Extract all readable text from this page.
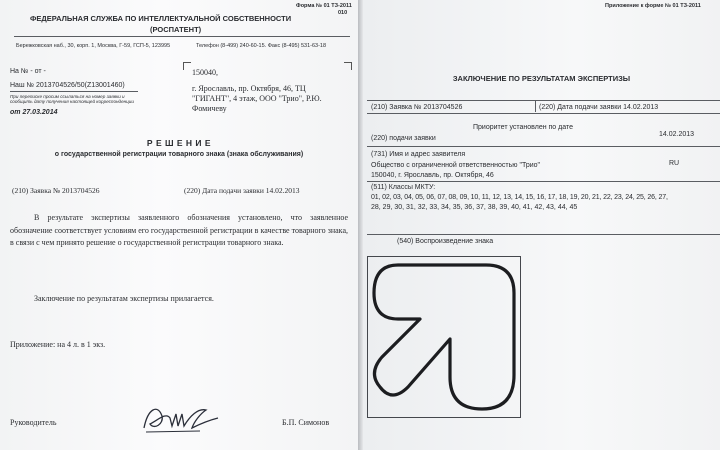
Форма № 01 ТЗ-2011
010
ФЕДЕРАЛЬНАЯ СЛУЖБА ПО ИНТЕЛЛЕКТУАЛЬНОЙ СОБСТВЕННОСТИ
(РОСПАТЕНТ)
Бережковская наб., 30, корп. 1, Москва, Г-59, ГСП-5, 123995	Телефон (8-499) 240-60-15. Факс (8-495) 531-63-18
На № - от -
Наш № 2013704526/50(Z13001460)
При переписке просим ссылаться на номер заявки и сообщить дату получения настоящей корреспонденции
от 27.03.2014
150040,
г. Ярославль, пр. Октября, 46, ТЦ
"ГИГАНТ", 4 этаж, ООО "Трио", Р.Ю.
Фомичеву
Р Е Ш Е Н И Е
о государственной регистрации товарного знака (знака обслуживания)
(210) Заявка № 2013704526	(220) Дата подачи заявки 14.02.2013
В результате экспертизы заявленного обозначения установлено, что заявленное обозначение соответствует условиям его государственной регистрации в качестве товарного знака, в связи с чем принято решение о государственной регистрации товарного знака.
Заключение по результатам экспертизы прилагается.
Приложение: на 4 л. в 1 экз.
Руководитель	Б.П. Симонов
Приложение к форме № 01 ТЗ-2011
ЗАКЛЮЧЕНИЕ ПО РЕЗУЛЬТАТАМ ЭКСПЕРТИЗЫ
(210) Заявка № 2013704526	(220) Дата подачи заявки 14.02.2013
Приоритет установлен по дате
(220) подачи заявки
14.02.2013
(731) Имя и адрес заявителя
Общество с ограниченной ответственностью "Трио"	RU
150040, г. Ярославль, пр. Октября, 46
(511) Классы МКТУ:
01, 02, 03, 04, 05, 06, 07, 08, 09, 10, 11, 12, 13, 14, 15, 16, 17, 18, 19, 20, 21, 22, 23, 24, 25, 26, 27,
28, 29, 30, 31, 32, 33, 34, 35, 36, 37, 38, 39, 40, 41, 42, 43, 44, 45
(540) Воспроизведение знака
